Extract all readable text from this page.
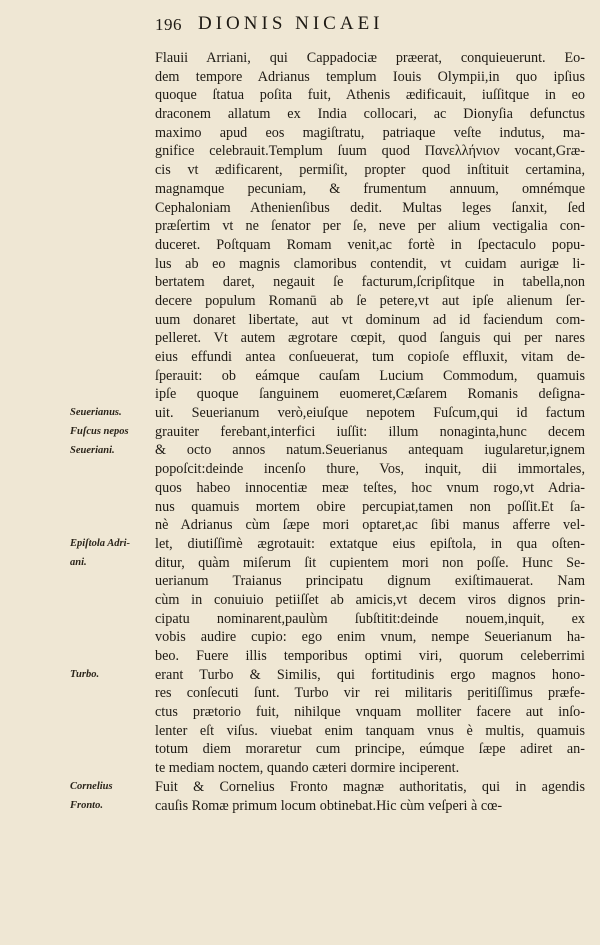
196 DIONIS NICAEI
Flauii Arriani, qui Cappadociæ præerat, conquieuerunt. Eo-
dem tempore Adrianus templum Iouis Olympii,in quo ipſius
quoque ſtatua poſita fuit, Athenis ædificauit, iuſſitque in eo
draconem allatum ex India collocari, ac Dionyſia defunctus
maximo apud eos magiſtratu, patriaque veſte indutus, ma-
gnifice celebrauit.Templum ſuum quod Πανελλήνιον vocant,Græ-
cis vt ædificarent, permiſit, propter quod inſtituit certamina,
magnamque pecuniam, & frumentum annuum, omnémque
Cephaloniam Athenienſibus dedit. Multas leges ſanxit, ſed
præſertim vt ne ſenator per ſe, neve per alium vectigalia con-
duceret. Poſtquam Romam venit,ac fortè in ſpectaculo popu-
lus ab eo magnis clamoribus contendit, vt cuidam aurigæ li-
bertatem daret, negauit ſe facturum,ſcripſitque in tabella,non
decere populum Romanū ab ſe petere,vt aut ipſe alienum ſer-
uum donaret libertate, aut vt dominum ad id faciendum com-
pelleret. Vt autem ægrotare cœpit, quod ſanguis qui per nares
eius effundi antea conſueuerat, tum copioſe effluxit, vitam de-
ſperauit: ob eámque cauſam Lucium Commodum, quamuis
ipſe quoque ſanguinem euomeret,Cæſarem Romanis deſigna-
uit. Seuerianum verò,eiuſque nepotem Fuſcum,qui id factum
grauiter ferebant,interfici iuſſit: illum nonaginta,hunc decem
& octo annos natum.Seuerianus antequam iugularetur,ignem
popoſcit:deinde incenſo thure, Vos, inquit, dii immortales,
quos habeo innocentiæ meæ teſtes, hoc vnum rogo,vt Adria-
nus quamuis mortem obire percupiat,tamen non poſſit.Et ſa-
nè Adrianus cùm ſæpe mori optaret,ac ſibi manus afferre vel-
let, diutiſſimè ægrotauit: extatque eius epiſtola, in qua oſten-
ditur, quàm miſerum ſit cupientem mori non poſſe. Hunc Se-
uerianum Traianus principatu dignum exiſtimauerat. Nam
cùm in conuiuio petiiſſet ab amicis,vt decem viros dignos prin-
cipatu nominarent,paulùm ſubſtitit:deinde nouem,inquit, ex
vobis audire cupio: ego enim vnum, nempe Seuerianum ha-
beo. Fuere illis temporibus optimi viri, quorum celeberrimi
erant Turbo & Similis, qui fortitudinis ergo magnos hono-
res conſecuti ſunt. Turbo vir rei militaris peritiſſimus præfe-
ctus prætorio fuit, nihilque vnquam molliter facere aut inſo-
lenter eſt viſus. viuebat enim tanquam vnus è multis, quamuis
totum diem moraretur cum principe, eúmque ſæpe adiret an-
te mediam noctem, quando cæteri dormire inciperent.
Fuit & Cornelius Fronto magnæ authoritatis, qui in agendis
cauſis Romæ primum locum obtinebat.Hic cùm veſperi à cœ-
Seuerianus.
Fuſcus nepos
Seueriani.
Epiſtola Adri-
ani.
Turbo.
Cornelius
Fronto.
